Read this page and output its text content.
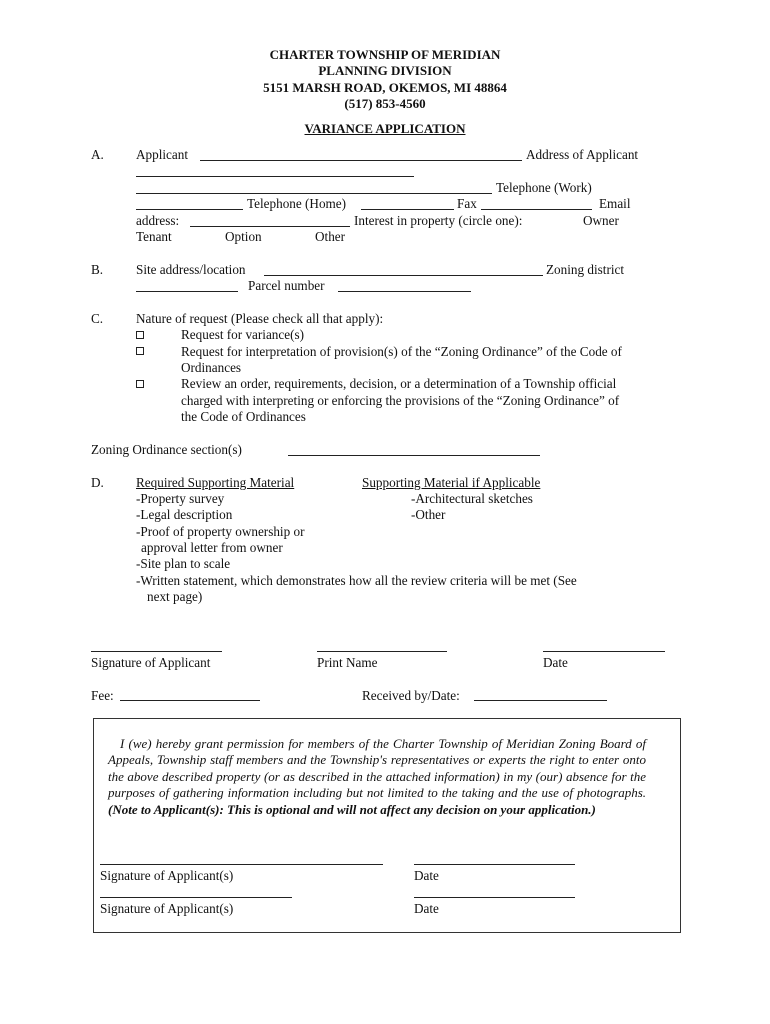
CHARTER TOWNSHIP OF MERIDIAN
PLANNING DIVISION
5151 MARSH ROAD, OKEMOS, MI 48864
(517) 853-4560
VARIANCE APPLICATION
A. Applicant	Address of Applicant
Telephone (Work)
Telephone (Home)	Fax	Email
address:	Interest in property (circle one):	Owner
Tenant	Option	Other
B. Site address/location	Zoning district
Parcel number
C. Nature of request (Please check all that apply):
Request for variance(s)
Request for interpretation of provision(s) of the “Zoning Ordinance” of the Code of
Ordinances
Review an order, requirements, decision, or a determination of a Township official
charged with interpreting or enforcing the provisions of the “Zoning Ordinance” of
the Code of Ordinances
Zoning Ordinance section(s)
D. Required Supporting Material	Supporting Material if Applicable
-Property survey	-Architectural sketches
-Legal description	-Other
-Proof of property ownership or
approval letter from owner
-Site plan to scale
-Written statement, which demonstrates how all the review criteria will be met (See
next page)
Signature of Applicant	Print Name	Date
Fee:	Received by/Date:
I (we) hereby grant permission for members of the Charter Township of Meridian Zoning Board of Appeals, Township staff members and the Township's representatives or experts the right to enter onto the above described property (or as described in the attached information) in my (our) absence for the purposes of gathering information including but not limited to the taking and the use of photographs. (Note to Applicant(s): This is optional and will not affect any decision on your application.)
Signature of Applicant(s)	Date
Signature of Applicant(s)	Date
